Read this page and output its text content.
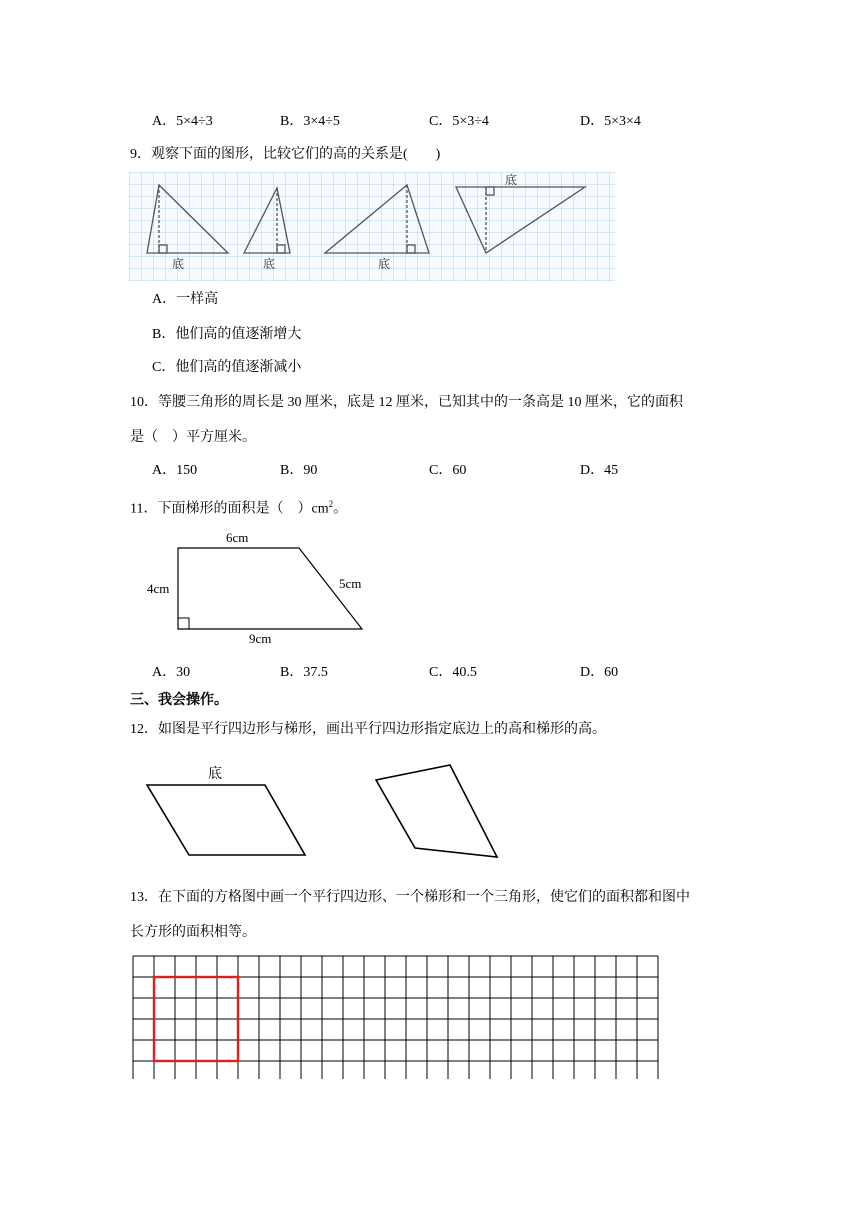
A．5×4÷3	B．3×4÷5	C．5×3÷4	D．5×3×4
9．观察下面的图形，比较它们的高的关系是(　　)
底	底	底
底
A．一样高
B．他们高的值逐渐增大
C．他们高的值逐渐减小
10．等腰三角形的周长是 30 厘米，底是 12 厘米，已知其中的一条高是 10 厘米，它的面积
是（　）平方厘米。
A．150	B．90	C．60	D．45
11．下面梯形的面积是（　）$cm^2$。
6cm
4cm	5cm
9cm
A．30	B．37.5	C．40.5	D．60
三、我会操作。
12．如图是平行四边形与梯形，画出平行四边形指定底边上的高和梯形的高。
底
13．在下面的方格图中画一个平行四边形、一个梯形和一个三角形，使它们的面积都和图中
长方形的面积相等。
